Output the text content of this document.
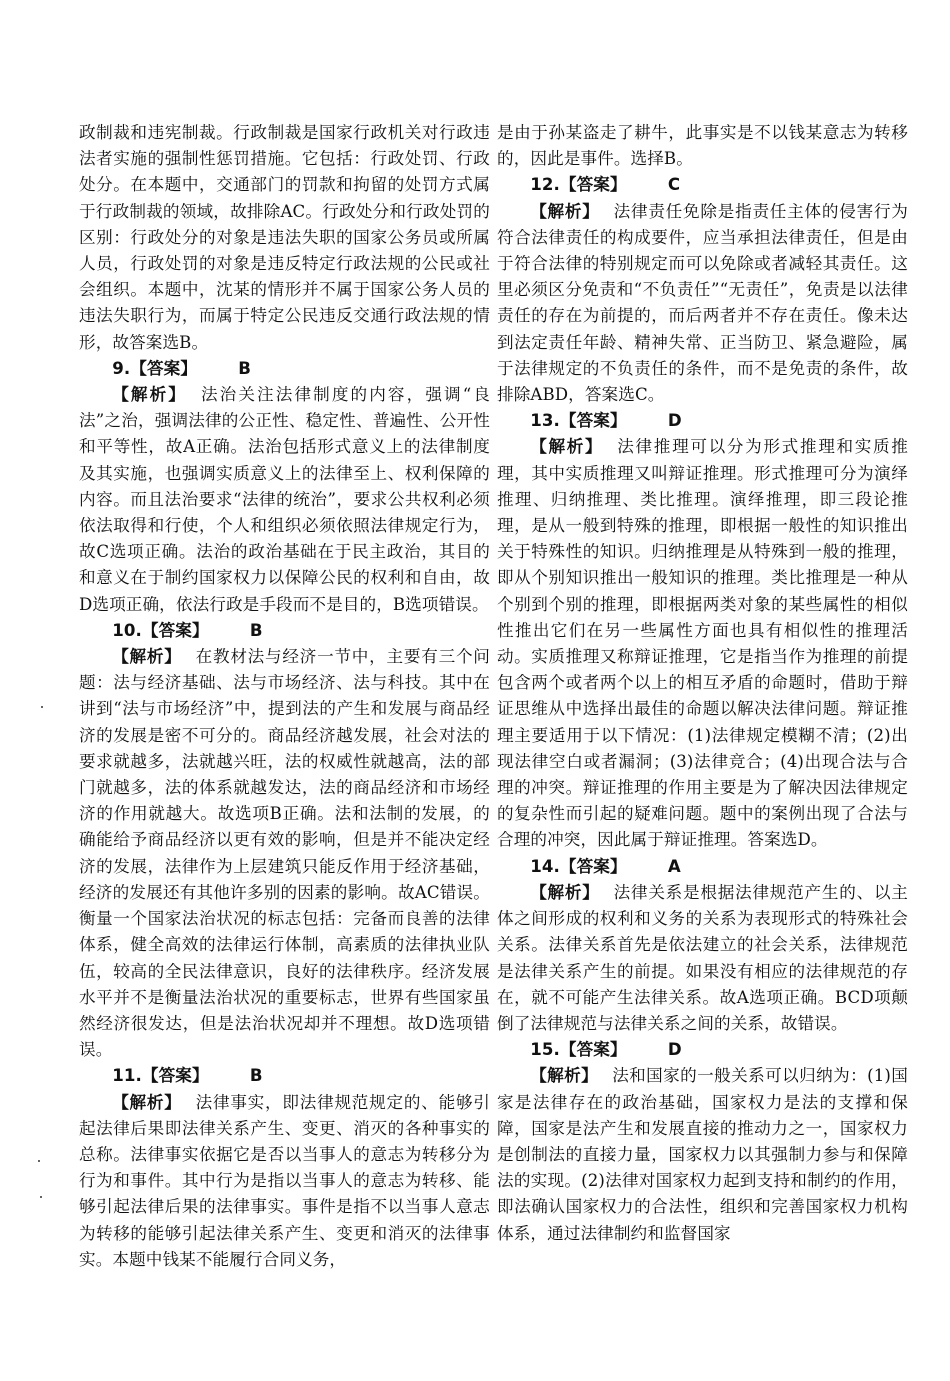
政制裁和违宪制裁。行政制裁是国家行政机关对行政违法者实施的强制性惩罚措施。它包括：行政处罚、行政处分。在本题中，交通部门的罚款和拘留的处罚方式属于行政制裁的领域，故排除AC。行政处分和行政处罚的区别：行政处分的对象是违法失职的国家公务员或所属人员，行政处罚的对象是违反特定行政法规的公民或社会组织。本题中，沈某的情形并不属于国家公务人员的违法失职行为，而属于特定公民违反交通行政法规的情形，故答案选B。

9.【答案】 B

【解析】 法治关注法律制度的内容，强调“良法”之治，强调法律的公正性、稳定性、普遍性、公开性和平等性，故A正确。法治包括形式意义上的法律制度及其实施，也强调实质意义上的法律至上、权利保障的内容。而且法治要求“法律的统治”，要求公共权利必须依法取得和行使，个人和组织必须依照法律规定行为，故C选项正确。法治的政治基础在于民主政治，其目的和意义在于制约国家权力以保障公民的权利和自由，故D选项正确，依法行政是手段而不是目的，B选项错误。

10.【答案】 B

【解析】 在教材法与经济一节中，主要有三个问题：法与经济基础、法与市场经济、法与科技。其中在讲到“法与市场经济”中，提到法的产生和发展与商品经济的发展是密不可分的。商品经济越发展，社会对法的要求就越多，法就越兴旺，法的权威性就越高，法的部门就越多，法的体系就越发达，法的商品经济和市场经济的作用就越大。故选项B正确。法和法制的发展，的确能给予商品经济以更有效的影响，但是并不能决定经济的发展，法律作为上层建筑只能反作用于经济基础，经济的发展还有其他许多别的因素的影响。故AC错误。衡量一个国家法治状况的标志包括：完备而良善的法律体系，健全高效的法律运行体制，高素质的法律执业队伍，较高的全民法律意识，良好的法律秩序。经济发展水平并不是衡量法治状况的重要标志，世界有些国家虽然经济很发达，但是法治状况却并不理想。故D选项错误。

11.【答案】 B

【解析】 法律事实，即法律规范规定的、能够引起法律后果即法律关系产生、变更、消灭的各种事实的总称。法律事实依据它是否以当事人的意志为转移分为行为和事件。其中行为是指以当事人的意志为转移、能够引起法律后果的法律事实。事件是指不以当事人意志为转移的能够引起法律关系产生、变更和消灭的法律事实。本题中钱某不能履行合同义务，

是由于孙某盗走了耕牛，此事实是不以钱某意志为转移的，因此是事件。选择B。

12.【答案】 C

【解析】 法律责任免除是指责任主体的侵害行为符合法律责任的构成要件，应当承担法律责任，但是由于符合法律的特别规定而可以免除或者减轻其责任。这里必须区分免责和“不负责任”“无责任”，免责是以法律责任的存在为前提的，而后两者并不存在责任。像未达到法定责任年龄、精神失常、正当防卫、紧急避险，属于法律规定的不负责任的条件，而不是免责的条件，故排除ABD，答案选C。

13.【答案】 D

【解析】 法律推理可以分为形式推理和实质推理，其中实质推理又叫辩证推理。形式推理可分为演绎推理、归纳推理、类比推理。演绎推理，即三段论推理，是从一般到特殊的推理，即根据一般性的知识推出关于特殊性的知识。归纳推理是从特殊到一般的推理，即从个别知识推出一般知识的推理。类比推理是一种从个别到个别的推理，即根据两类对象的某些属性的相似性推出它们在另一些属性方面也具有相似性的推理活动。实质推理又称辩证推理，它是指当作为推理的前提包含两个或者两个以上的相互矛盾的命题时，借助于辩证思维从中选择出最佳的命题以解决法律问题。辩证推理主要适用于以下情况：(1)法律规定模糊不清；(2)出现法律空白或者漏洞；(3)法律竞合；(4)出现合法与合理的冲突。辩证推理的作用主要是为了解决因法律规定的复杂性而引起的疑难问题。题中的案例出现了合法与合理的冲突，因此属于辩证推理。答案选D。

14.【答案】 A

【解析】 法律关系是根据法律规范产生的、以主体之间形成的权利和义务的关系为表现形式的特殊社会关系。法律关系首先是依法建立的社会关系，法律规范是法律关系产生的前提。如果没有相应的法律规范的存在，就不可能产生法律关系。故A选项正确。BCD项颠倒了法律规范与法律关系之间的关系，故错误。

15.【答案】 D

【解析】 法和国家的一般关系可以归纳为：(1)国家是法律存在的政治基础，国家权力是法的支撑和保障，国家是法产生和发展直接的推动力之一，国家权力是创制法的直接力量，国家权力以其强制力参与和保障法的实现。(2)法律对国家权力起到支持和制约的作用，即法确认国家权力的合法性，组织和完善国家权力机构体系，通过法律制约和监督国家
